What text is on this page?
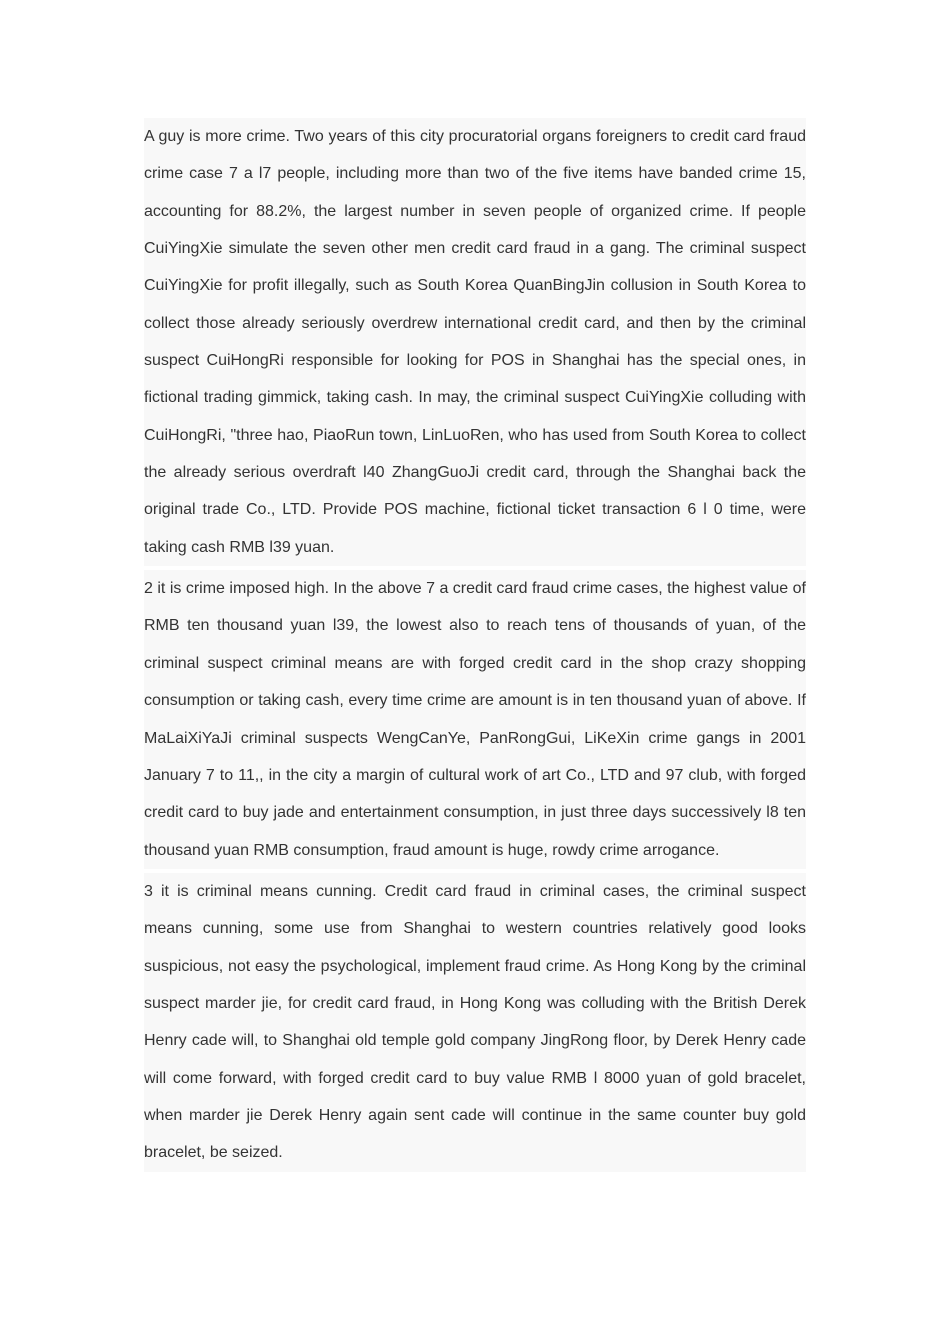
A guy is more crime. Two years of this city procuratorial organs foreigners to credit card fraud crime case 7 a l7 people, including more than two of the five items have banded crime 15, accounting for 88.2%, the largest number in seven people of organized crime. If people CuiYingXie simulate the seven other men credit card fraud in a gang. The criminal suspect CuiYingXie for profit illegally, such as South Korea QuanBingJin collusion in South Korea to collect those already seriously overdrew international credit card, and then by the criminal suspect CuiHongRi responsible for looking for POS in Shanghai has the special ones, in fictional trading gimmick, taking cash. In may, the criminal suspect CuiYingXie colluding with CuiHongRi, "three hao, PiaoRun town, LinLuoRen, who has used from South Korea to collect the already serious overdraft l40 ZhangGuoJi credit card, through the Shanghai back the original trade Co., LTD. Provide POS machine, fictional ticket transaction 6 l 0 time, were taking cash RMB l39 yuan.

2 it is crime imposed high. In the above 7 a credit card fraud crime cases, the highest value of RMB ten thousand yuan l39, the lowest also to reach tens of thousands of yuan, of the criminal suspect criminal means are with forged credit card in the shop crazy shopping consumption or taking cash, every time crime are amount is in ten thousand yuan of above. If MaLaiXiYaJi criminal suspects WengCanYe, PanRongGui, LiKeXin crime gangs in 2001 January 7 to 11,, in the city a margin of cultural work of art Co., LTD and 97 club, with forged credit card to buy jade and entertainment consumption, in just three days successively l8 ten thousand yuan RMB consumption, fraud amount is huge, rowdy crime arrogance.

3 it is criminal means cunning. Credit card fraud in criminal cases, the criminal suspect means cunning, some use from Shanghai to western countries relatively good looks suspicious, not easy the psychological, implement fraud crime. As Hong Kong by the criminal suspect marder jie, for credit card fraud, in Hong Kong was colluding with the British Derek Henry cade will, to Shanghai old temple gold company JingRong floor, by Derek Henry cade will come forward, with forged credit card to buy value RMB l 8000 yuan of gold bracelet, when marder jie Derek Henry again sent cade will continue in the same counter buy gold bracelet, be seized.
